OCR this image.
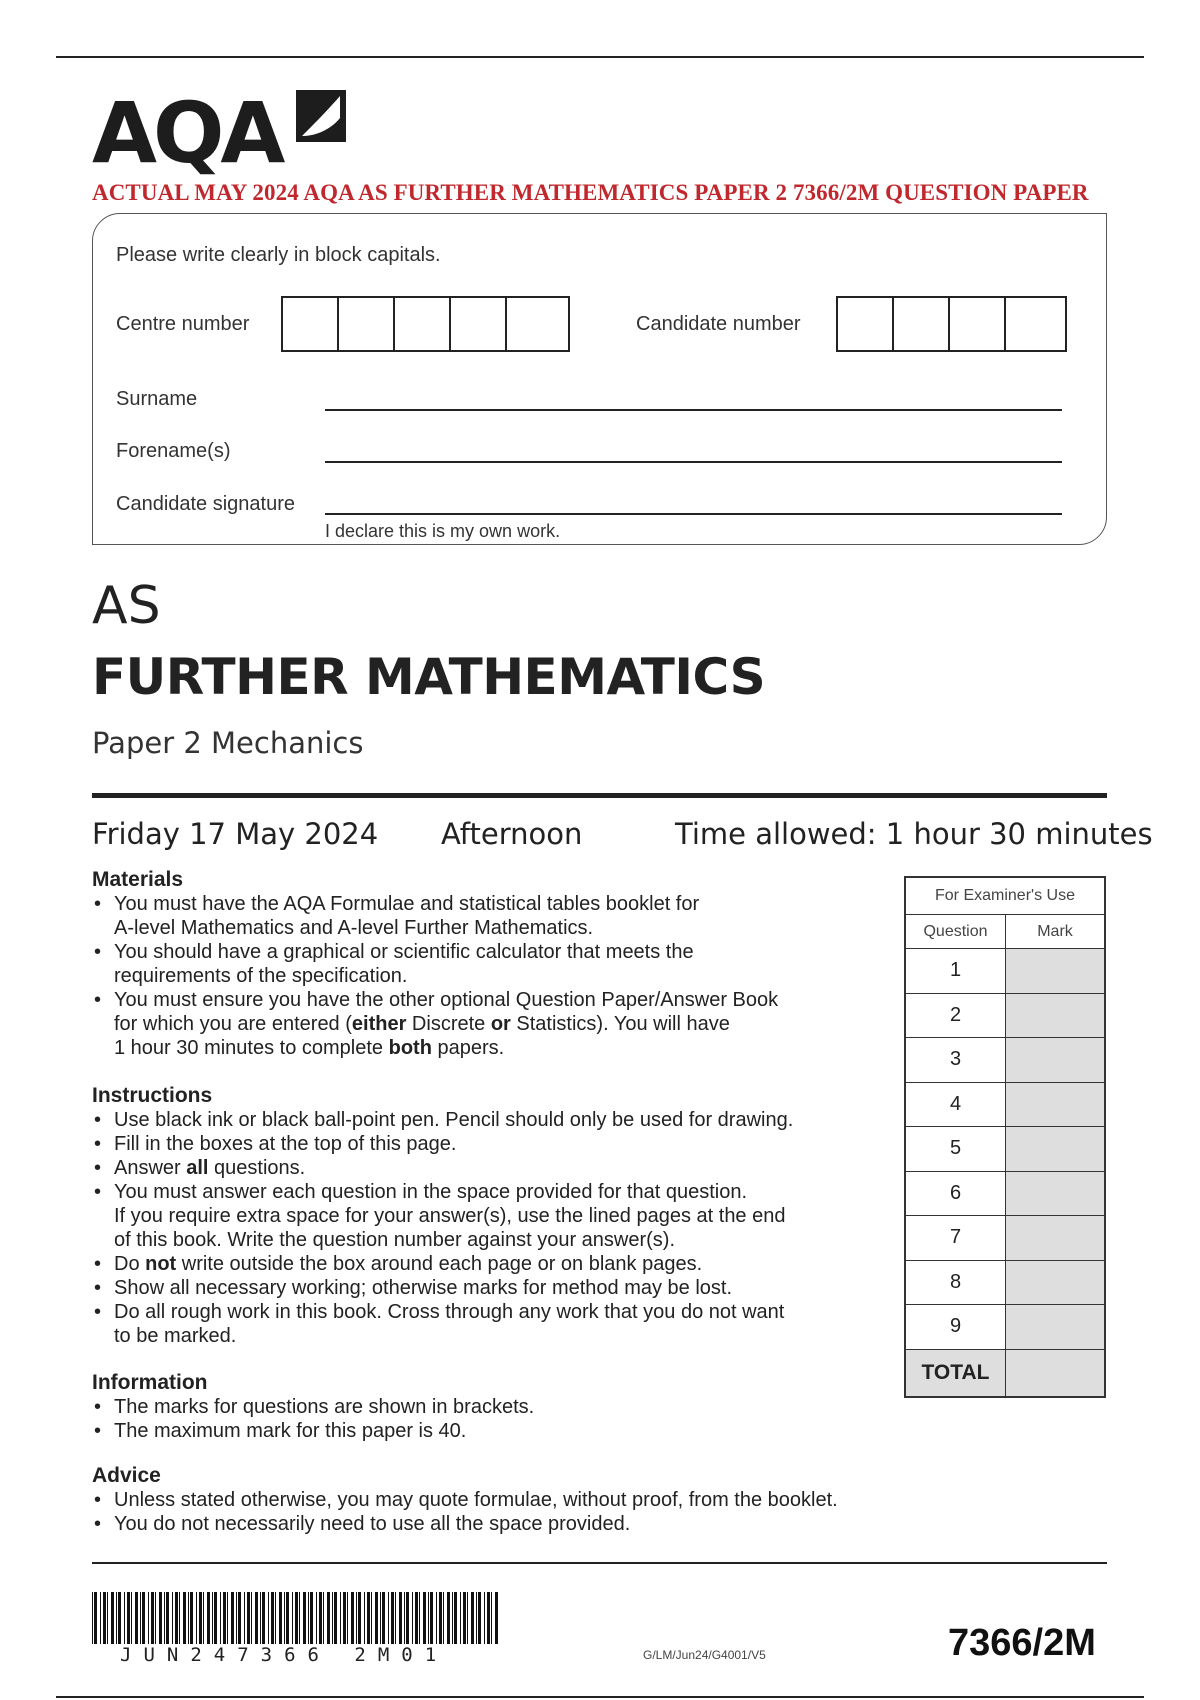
AQA
ACTUAL MAY 2024 AQA AS FURTHER MATHEMATICS PAPER 2 7366/2M QUESTION PAPER
Please write clearly in block capitals.
Centre number	Candidate number
Surname
Forename(s)
Candidate signature
I declare this is my own work.
AS
FURTHER MATHEMATICS
Paper 2 Mechanics
Friday 17 May 2024 Afternoon	Time allowed: 1 hour 30 minutes
Materials
• You must have the AQA Formulae and statistical tables booklet for
A-level Mathematics and A-level Further Mathematics.
• You should have a graphical or scientific calculator that meets the
requirements of the specification.
• You must ensure you have the other optional Question Paper/Answer Book
for which you are entered (either Discrete or Statistics). You will have
1 hour 30 minutes to complete both papers.
Instructions
• Use black ink or black ball-point pen. Pencil should only be used for drawing.
• Fill in the boxes at the top of this page.
• Answer all questions.
• You must answer each question in the space provided for that question.
If you require extra space for your answer(s), use the lined pages at the end
of this book. Write the question number against your answer(s).
• Do not write outside the box around each page or on blank pages.
• Show all necessary working; otherwise marks for method may be lost.
• Do all rough work in this book. Cross through any work that you do not want
to be marked.
Information
• The marks for questions are shown in brackets.
• The maximum mark for this paper is 40.
Advice
• Unless stated otherwise, you may quote formulae, without proof, from the booklet.
• You do not necessarily need to use all the space provided.
For Examiner's Use
Question	Mark
1
2
3
4
5
6
7
8
9
TOTAL
JUN247366 2M01	G/LM/Jun24/G4001/V5	7366/2M
